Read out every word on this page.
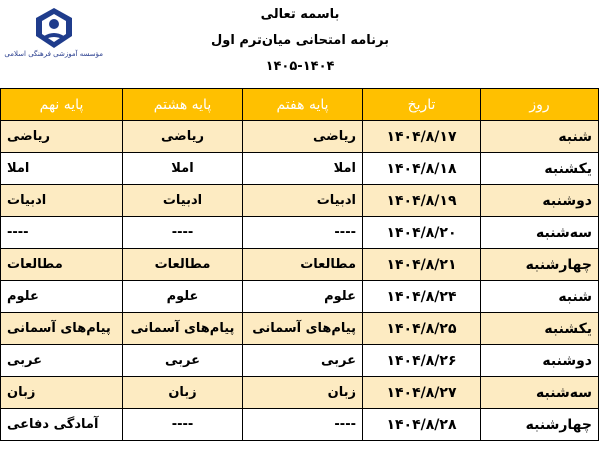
مؤسسه آموزشی فرهنگی اسلامی
باسمه تعالی
برنامه امتحانی میان‌ترم اول
۱۴۰۵-۱۴۰۴
روز	تاریخ	پایه هفتم	پایه هشتم	پایه نهم
شنبه	۱۴۰۴/۸/۱۷	ریاضی	ریاضی	ریاضی
یکشنبه	۱۴۰۴/۸/۱۸	املا	املا	املا
دوشنبه	۱۴۰۴/۸/۱۹	ادبیات	ادبیات	ادبیات
سه‌شنبه	۱۴۰۴/۸/۲۰	----	----	----
چهارشنبه	۱۴۰۴/۸/۲۱	مطالعات	مطالعات	مطالعات
شنبه	۱۴۰۴/۸/۲۴	علوم	علوم	علوم
یکشنبه	۱۴۰۴/۸/۲۵	پیام‌های آسمانی	پیام‌های آسمانی	پیام‌های آسمانی
دوشنبه	۱۴۰۴/۸/۲۶	عربی	عربی	عربی
سه‌شنبه	۱۴۰۴/۸/۲۷	زبان	زبان	زبان
چهارشنبه	۱۴۰۴/۸/۲۸	----	----	آمادگی دفاعی
